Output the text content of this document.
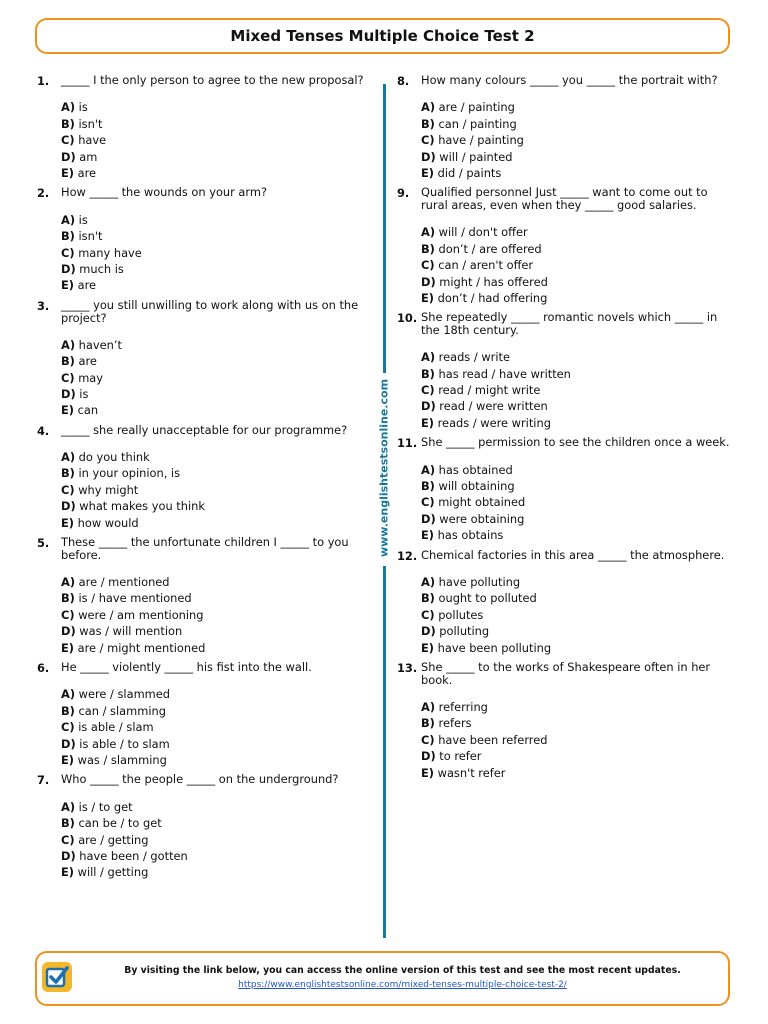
Mixed Tenses Multiple Choice Test 2
1.	_____ I the only person to agree to the new proposal?
A) is
B) isn't
C) have
D) am
E) are
2.	How _____ the wounds on your arm?
A) is
B) isn't
C) many have
D) much is
E) are
3.	_____ you still unwilling to work along with us on the project?
A) haven’t
B) are
C) may
D) is
E) can
4.	_____ she really unacceptable for our programme?
A) do you think
B) in your opinion, is
C) why might
D) what makes you think
E) how would
5.	These _____ the unfortunate children I _____ to you before.
A) are / mentioned
B) is / have mentioned
C) were / am mentioning
D) was / will mention
E) are / might mentioned
6.	He _____ violently _____ his fist into the wall.
A) were / slammed
B) can / slamming
C) is able / slam
D) is able / to slam
E) was / slamming
7.	Who _____ the people _____ on the underground?
A) is / to get
B) can be / to get
C) are / getting
D) have been / gotten
E) will / getting
www.englishtestsonline.com
8.	How many colours _____ you _____ the portrait with?
A) are / painting
B) can / painting
C) have / painting
D) will / painted
E) did / paints
9.	Qualified personnel Just _____ want to come out to rural areas, even when they _____ good salaries.
A) will / don't offer
B) don’t / are offered
C) can / aren't offer
D) might / has offered
E) don’t / had offering
10. She repeatedly _____ romantic novels which _____ in the 18th century.
A) reads / write
B) has read / have written
C) read / might write
D) read / were written
E) reads / were writing
11. She _____ permission to see the children once a week.
A) has obtained
B) will obtaining
C) might obtained
D) were obtaining
E) has obtains
12. Chemical factories in this area _____ the atmosphere.
A) have polluting
B) ought to polluted
C) pollutes
D) polluting
E) have been polluting
13. She _____ to the works of Shakespeare often in her book.
A) referring
B) refers
C) have been referred
D) to refer
E) wasn't refer
By visiting the link below, you can access the online version of this test and see the most recent updates.
https://www.englishtestsonline.com/mixed-tenses-multiple-choice-test-2/
